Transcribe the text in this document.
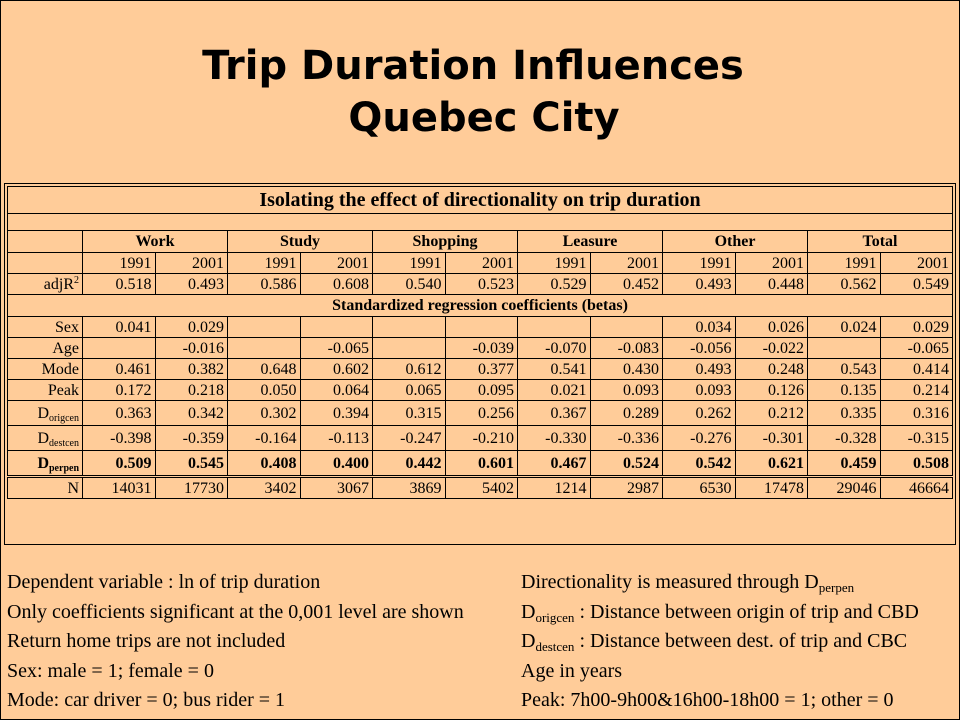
Trip Duration Influences
Quebec City
Isolating the effect of directionality on trip duration												

	Work		Study		Shopping		Leasure		Other		Total	
	1991	2001	1991	2001	1991	2001	1991	2001	1991	2001	1991	2001
adjR$^2$	0.518	0.493	0.586	0.608	0.540	0.523	0.529	0.452	0.493	0.448	0.562	0.549
Standardized regression coefficients (betas)												
Sex	0.041	0.029							0.034	0.026	0.024	0.029
Age		-0.016		-0.065		-0.039	-0.070	-0.083	-0.056	-0.022		-0.065
Mode	0.461	0.382	0.648	0.602	0.612	0.377	0.541	0.430	0.493	0.248	0.543	0.414
Peak	0.172	0.218	0.050	0.064	0.065	0.095	0.021	0.093	0.093	0.126	0.135	0.214
$D_{origcen}$	0.363	0.342	0.302	0.394	0.315	0.256	0.367	0.289	0.262	0.212	0.335	0.316
$D_{destcen}$	-0.398	-0.359	-0.164	-0.113	-0.247	-0.210	-0.330	-0.336	-0.276	-0.301	-0.328	-0.315
$D_{perpen}$	0.509	0.545	0.408	0.400	0.442	0.601	0.467	0.524	0.542	0.621	0.459	0.508
N	14031	17730	3402	3067	3869	5402	1214	2987	6530	17478	29046	46664
Dependent variable : ln of trip duration
Only coefficients significant at the 0,001 level are shown
Return home trips are not included
Sex: male = 1; female = 0
Mode: car driver = 0; bus rider = 1
Directionality is measured through $D_{perpen}$
$D_{origcen}$ : Distance between origin of trip and CBD
$D_{destcen}$ : Distance between dest. of trip and CBC
Age in years
Peak: 7h00-9h00&16h00-18h00 = 1; other = 0
